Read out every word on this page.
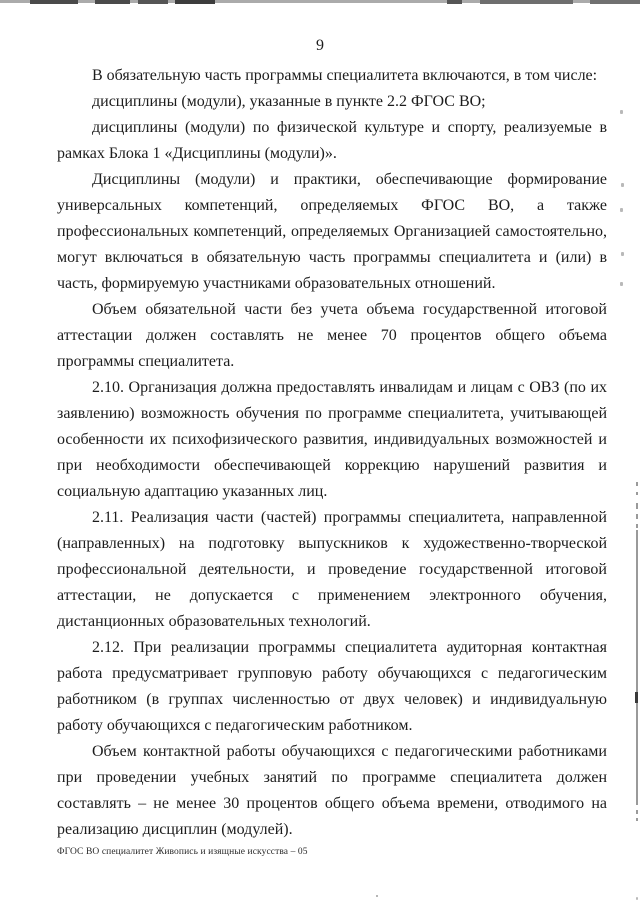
9

В обязательную часть программы специалитета включаются, в том числе:

дисциплины (модули), указанные в пункте 2.2 ФГОС ВО;

дисциплины (модули) по физической культуре и спорту, реализуемые в рамках Блока 1 «Дисциплины (модули)».

Дисциплины (модули) и практики, обеспечивающие формирование универсальных компетенций, определяемых ФГОС ВО, а также профессиональных компетенций, определяемых Организацией самостоятельно, могут включаться в обязательную часть программы специалитета и (или) в часть, формируемую участниками образовательных отношений.

Объем обязательной части без учета объема государственной итоговой аттестации должен составлять не менее 70 процентов общего объема программы специалитета.

2.10. Организация должна предоставлять инвалидам и лицам с ОВЗ (по их заявлению) возможность обучения по программе специалитета, учитывающей особенности их психофизического развития, индивидуальных возможностей и при необходимости обеспечивающей коррекцию нарушений развития и социальную адаптацию указанных лиц.

2.11. Реализация части (частей) программы специалитета, направленной (направленных) на подготовку выпускников к художественно-творческой профессиональной деятельности, и проведение государственной итоговой аттестации, не допускается с применением электронного обучения, дистанционных образовательных технологий.

2.12. При реализации программы специалитета аудиторная контактная работа предусматривает групповую работу обучающихся с педагогическим работником (в группах численностью от двух человек) и индивидуальную работу обучающихся с педагогическим работником.

Объем контактной работы обучающихся с педагогическими работниками при проведении учебных занятий по программе специалитета должен составлять – не менее 30 процентов общего объема времени, отводимого на реализацию дисциплин (модулей).

ФГОС ВО специалитет Живопись и изящные искусства – 05
